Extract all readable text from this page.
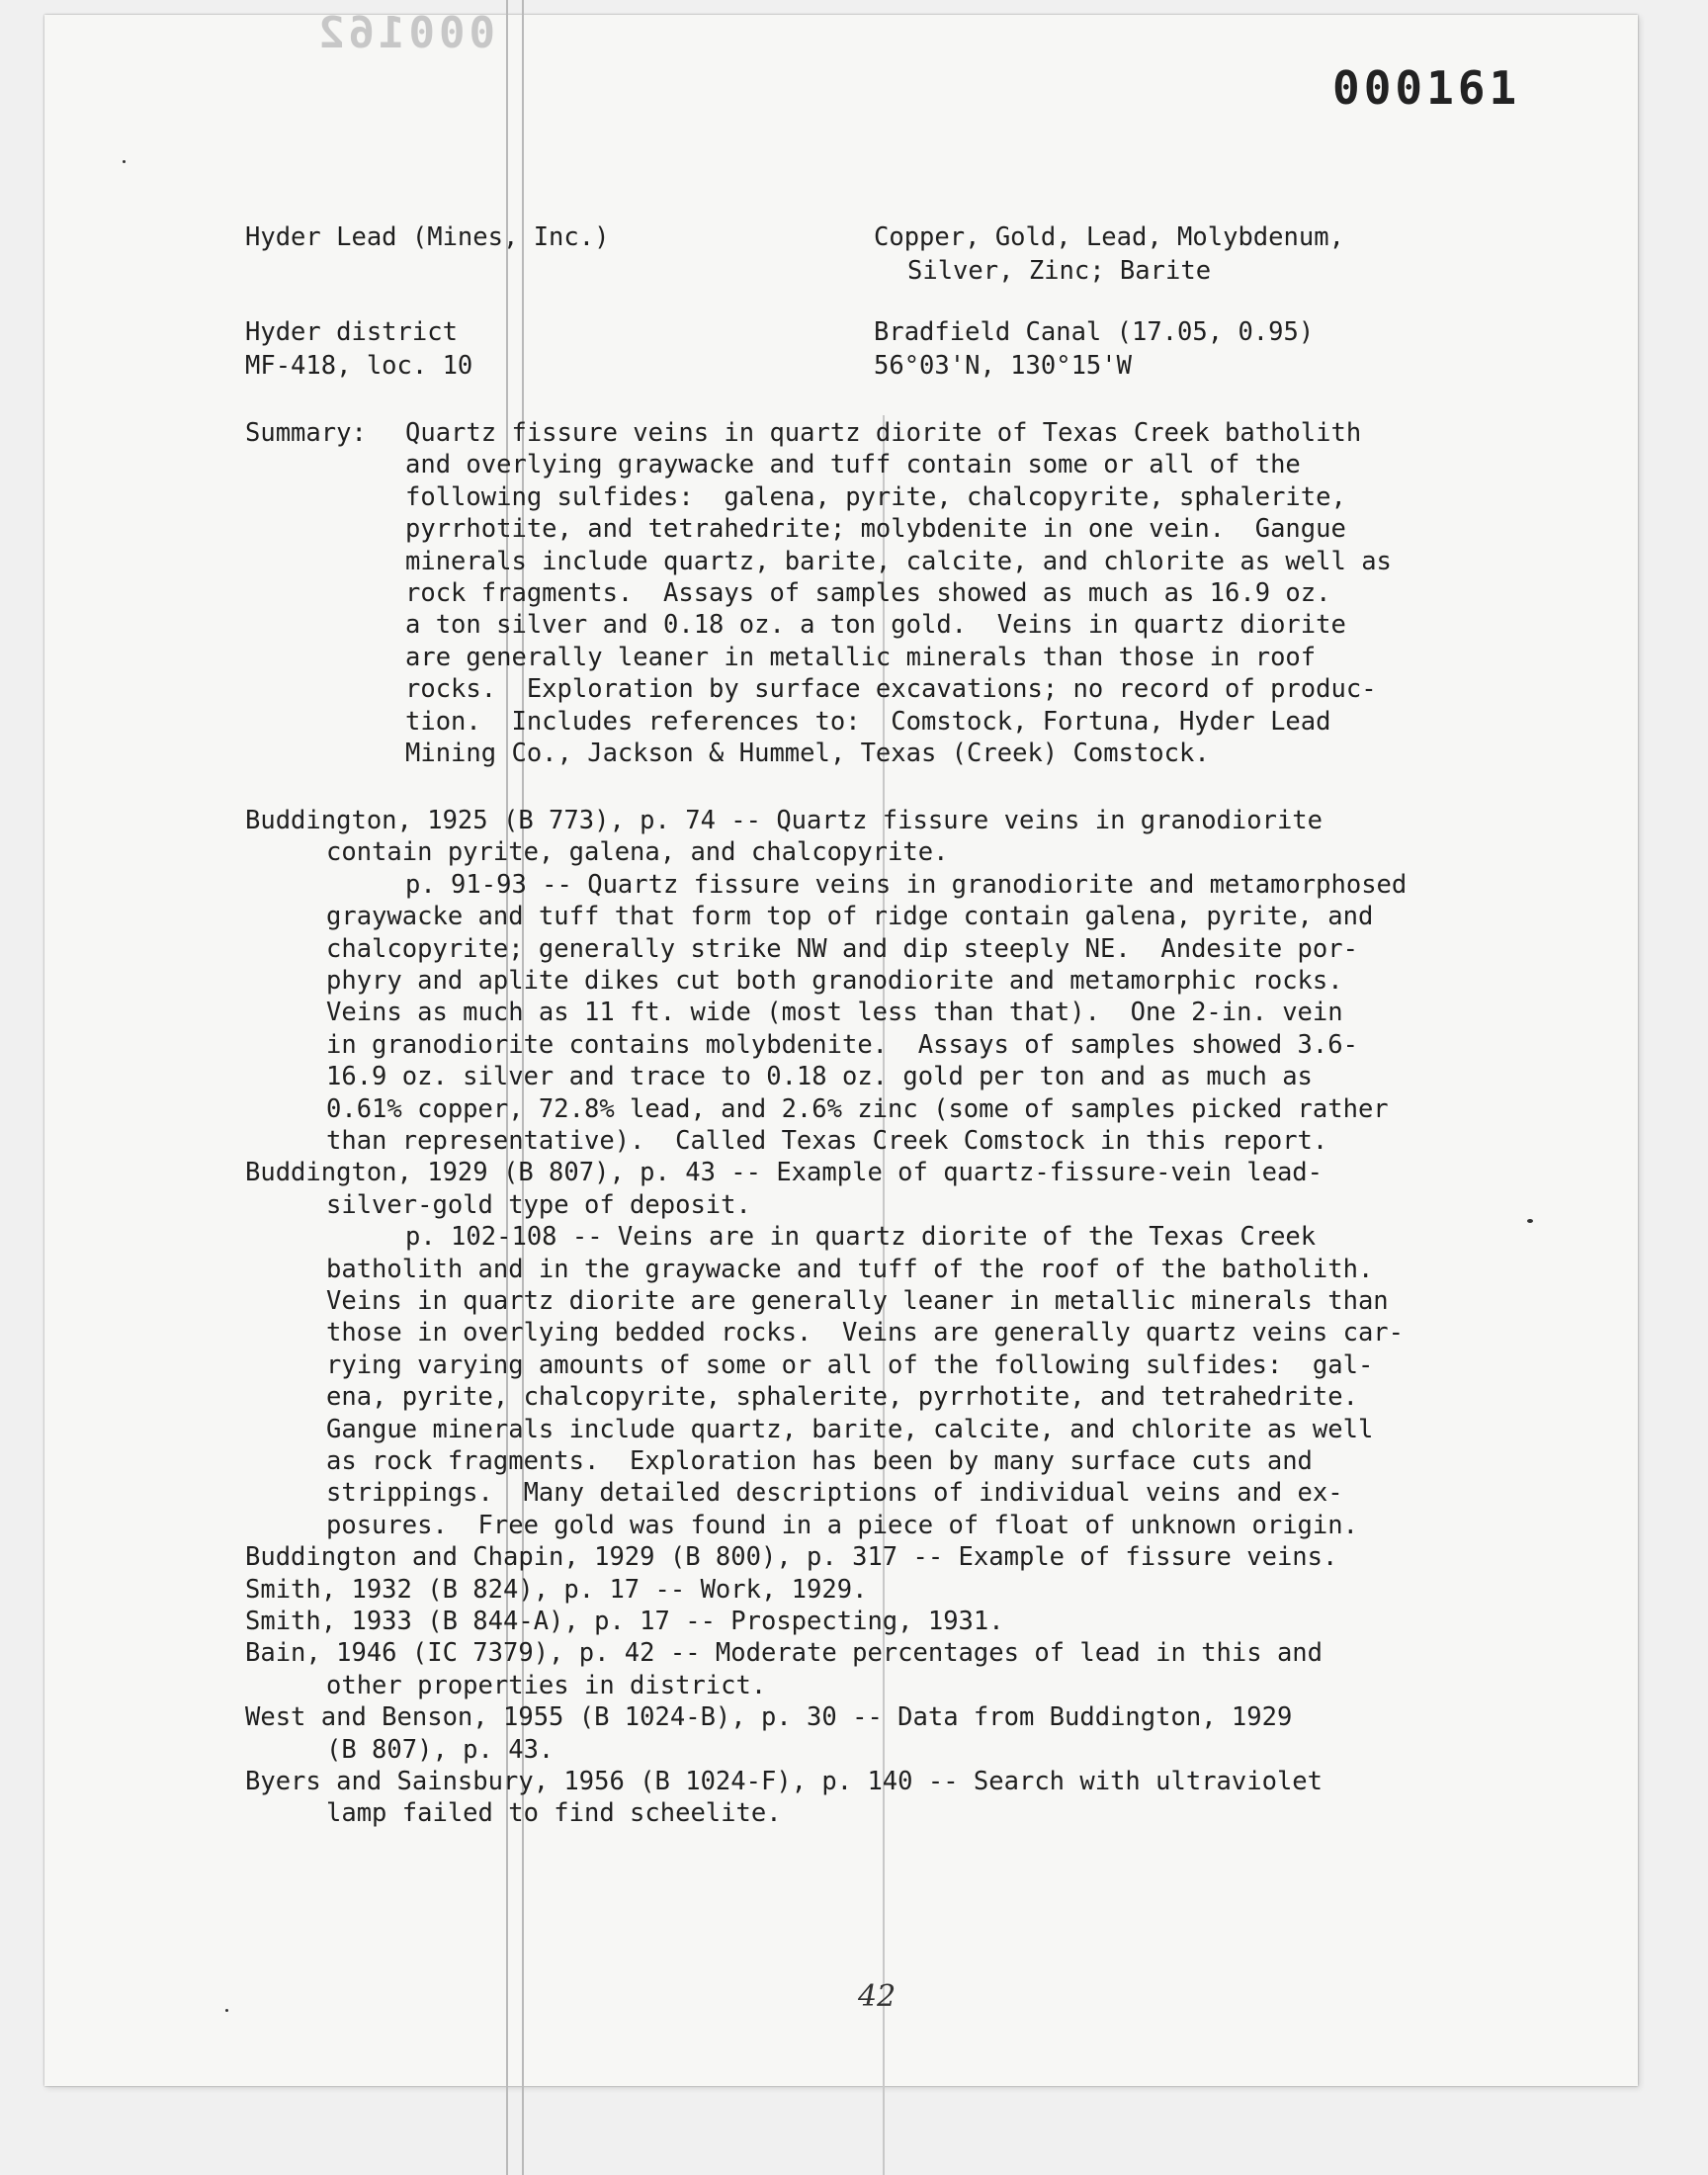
000162
000161
Hyder Lead (Mines, Inc.)	Copper, Gold, Lead, Molybdenum,
Silver, Zinc; Barite
Hyder district
MF-418, loc. 10
Bradfield Canal (17.05, 0.95)
56°03'N, 130°15'W
Summary: Quartz fissure veins in quartz diorite of Texas Creek batholith
and overlying graywacke and tuff contain some or all of the
following sulfides:  galena, pyrite, chalcopyrite, sphalerite,
pyrrhotite, and tetrahedrite; molybdenite in one vein.  Gangue
minerals include quartz, barite, calcite, and chlorite as well as
rock fragments.  Assays of samples showed as much as 16.9 oz.
a ton silver and 0.18 oz. a ton gold.  Veins in quartz diorite
are generally leaner in metallic minerals than those in roof
rocks.  Exploration by surface excavations; no record of produc-
tion.  Includes references to:  Comstock, Fortuna, Hyder Lead
Mining Co., Jackson & Hummel, Texas (Creek) Comstock.
Buddington, 1925 (B 773), p. 74 -- Quartz fissure veins in granodiorite
contain pyrite, galena, and chalcopyrite.
p. 91-93 -- Quartz fissure veins in granodiorite and metamorphosed
graywacke and tuff that form top of ridge contain galena, pyrite, and
chalcopyrite; generally strike NW and dip steeply NE.  Andesite por-
phyry and aplite dikes cut both granodiorite and metamorphic rocks.
Veins as much as 11 ft. wide (most less than that).  One 2-in. vein
in granodiorite contains molybdenite.  Assays of samples showed 3.6-
16.9 oz. silver and trace to 0.18 oz. gold per ton and as much as
0.61% copper, 72.8% lead, and 2.6% zinc (some of samples picked rather
than representative).  Called Texas Creek Comstock in this report.
Buddington, 1929 (B 807), p. 43 -- Example of quartz-fissure-vein lead-
silver-gold type of deposit.
p. 102-108 -- Veins are in quartz diorite of the Texas Creek
batholith and in the graywacke and tuff of the roof of the batholith.
Veins in quartz diorite are generally leaner in metallic minerals than
those in overlying bedded rocks.  Veins are generally quartz veins car-
rying varying amounts of some or all of the following sulfides:  gal-
ena, pyrite, chalcopyrite, sphalerite, pyrrhotite, and tetrahedrite.
Gangue minerals include quartz, barite, calcite, and chlorite as well
as rock fragments.  Exploration has been by many surface cuts and
strippings.  Many detailed descriptions of individual veins and ex-
posures.  Free gold was found in a piece of float of unknown origin.
Buddington and Chapin, 1929 (B 800), p. 317 -- Example of fissure veins.
Smith, 1932 (B 824), p. 17 -- Work, 1929.
Smith, 1933 (B 844-A), p. 17 -- Prospecting, 1931.
Bain, 1946 (IC 7379), p. 42 -- Moderate percentages of lead in this and
other properties in district.
West and Benson, 1955 (B 1024-B), p. 30 -- Data from Buddington, 1929
(B 807), p. 43.
Byers and Sainsbury, 1956 (B 1024-F), p. 140 -- Search with ultraviolet
lamp failed to find scheelite.
42
